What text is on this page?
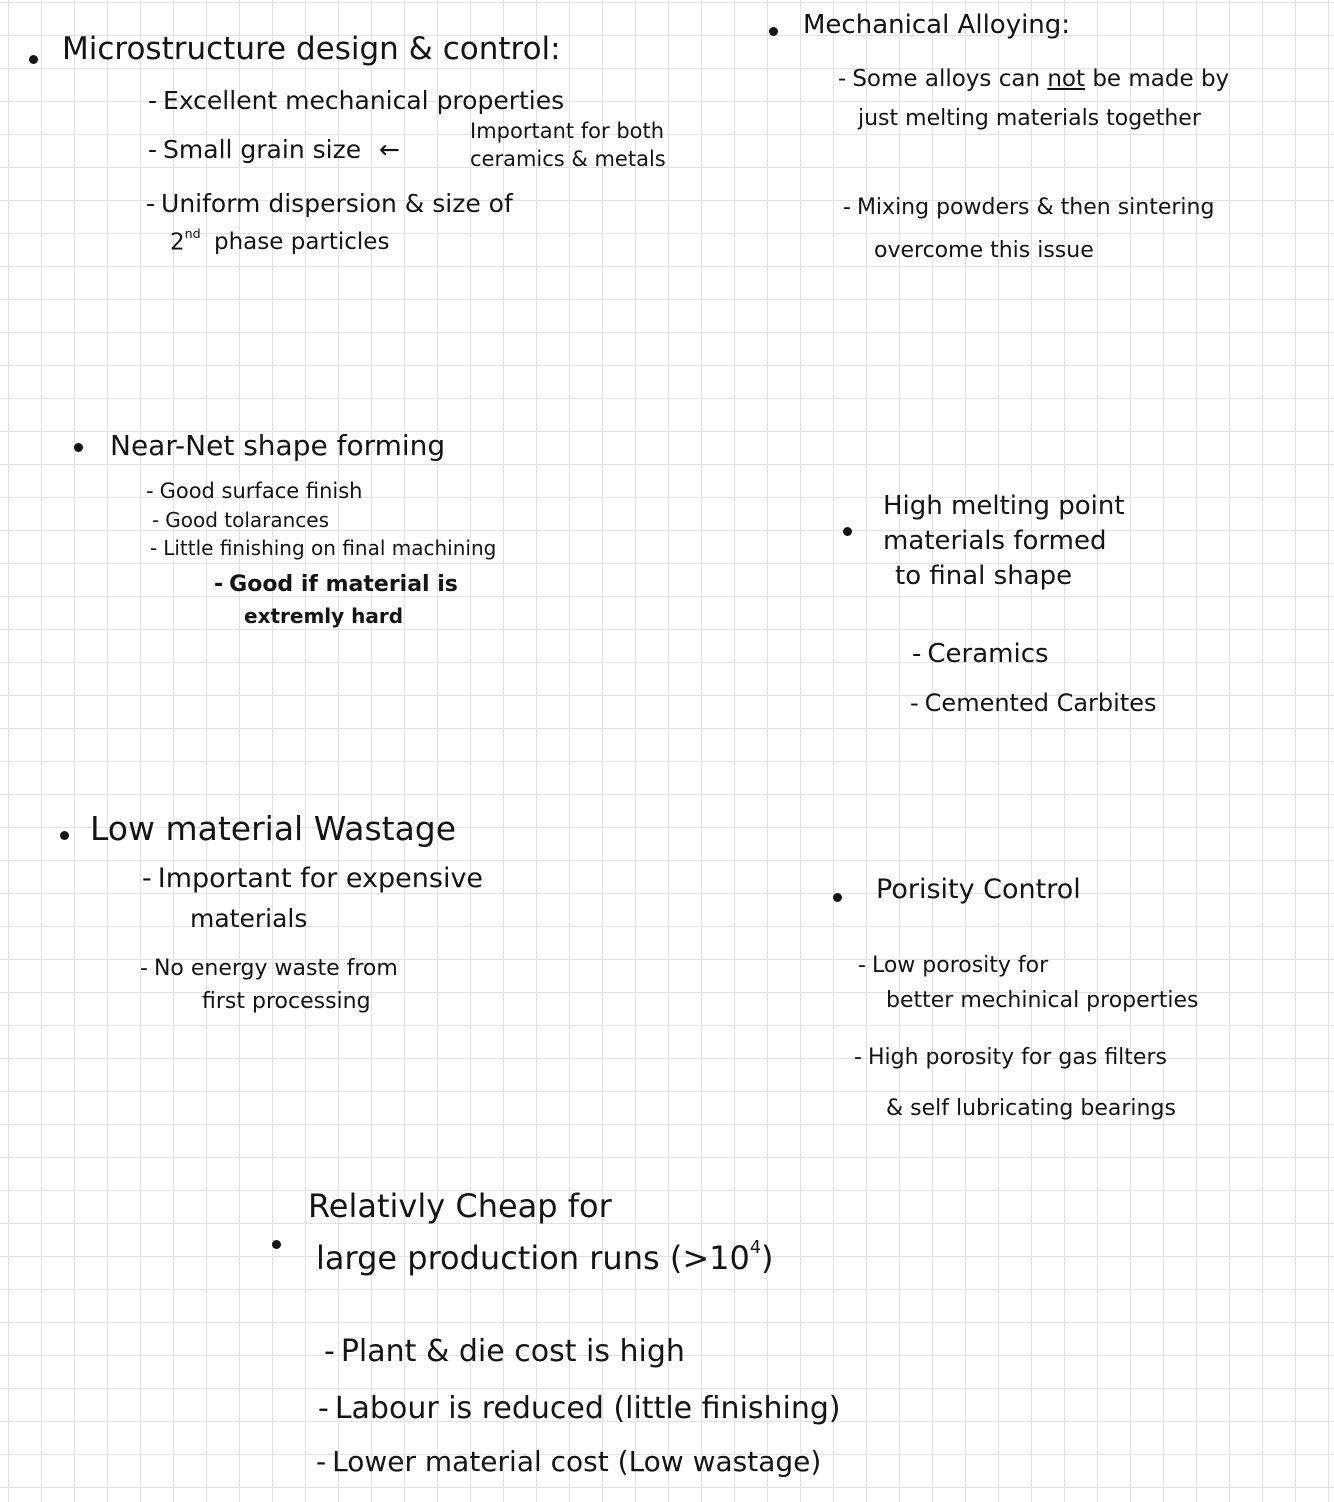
Microstructure design & control:
- Excellent mechanical properties
- Small grain size ←
Important for both
ceramics & metals
- Uniform dispersion & size of
2nd phase particles
Mechanical Alloying:
- Some alloys can not be made by
just melting materials together
- Mixing powders & then sintering
overcome this issue
Near-Net shape forming
- Good surface finish
- Good tolarances
- Little finishing on final machining
- Good if material is
extremly hard
High melting point
materials formed
to final shape
- Ceramics
- Cemented Carbites
Low material Wastage
- Important for expensive
materials
- No energy waste from
first processing
Porisity Control
- Low porosity for
better mechinical properties
- High porosity for gas filters
& self lubricating bearings
Relativly Cheap for
large production runs $(>10^4)$
- Plant & die cost is high
- Labour is reduced (little finishing)
- Lower material cost (Low wastage)
